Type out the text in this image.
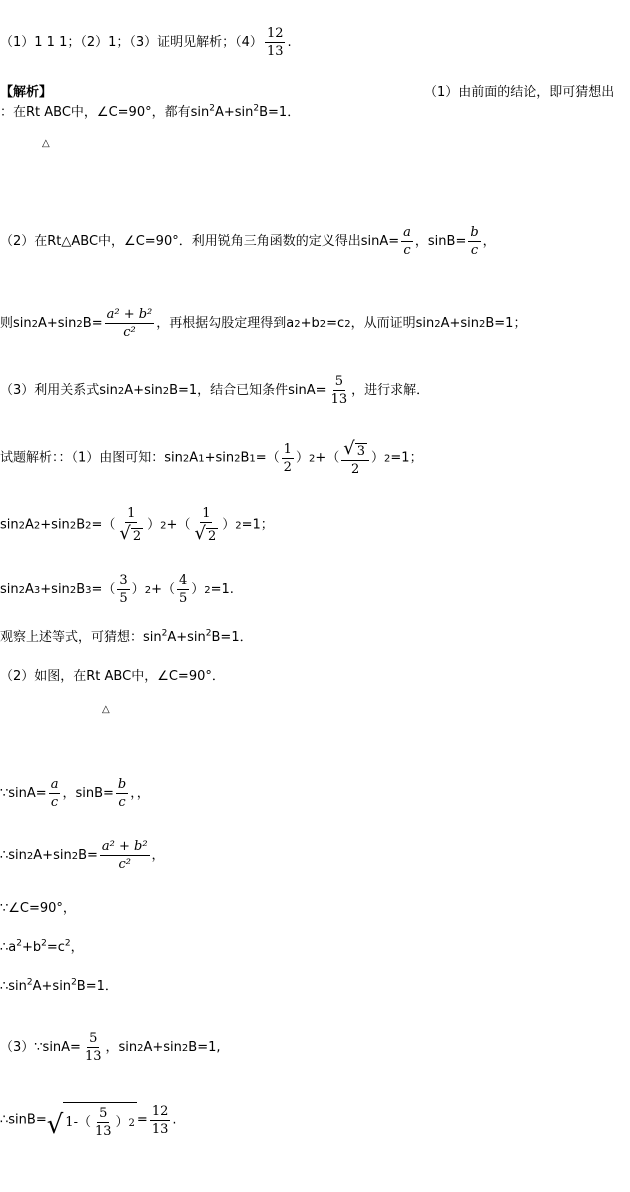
（1）1 1 1；（2）1；（3）证明见解析；$(4) \frac{12}{13}$ .
【解析】	（1）由前面的结论，即可猜想出
：在Rt ABC中，∠C=90°，都有$\sin^2A+\sin^2B=1$．
△
（2）在Rt△ABC中，∠C=90°．利用锐角三角函数的定义得出$\sin A= \frac{a}{c}$ ，$\sin B= \frac{b}{c}$ ，
则$\sin 2A+\sin 2B= \frac{\text{a² + b²}}{\text{c²}}$ ，再根据勾股定理得到a2+b2=c2，从而证明sin2A+sin2B=1；
（3）利用关系式sin2A+sin2B=1，结合已知条件$\sin A= \frac{5}{13}$ ，进行求解．
试题解析：：（1）由图可知：$\sin 2A1+\sin 2B1=( \frac{1}{2} )2+( \frac{√ 3}{2} )2=1$；
$\sin 2A2+\sin 2B2=( \frac{1}{√ 2} )2+( \frac{1}{√ 2} )2=1$；
$\sin 2A3+\sin 2B3=( \frac{3}{5} )2+( \frac{4}{5} )2=1$.
观察上述等式，可猜想：$\sin^2A+\sin^2B=1$．
（2）如图，在Rt ABC中，∠C=90°．
△
∵sinA= $\frac{a}{c}$ ，$\sin B= \frac{b}{c}$ ，，
∴sin2A+sin2B= $\frac{\text{a² + b²}}{\text{c²}}$ ，
∵∠C=90°，
$\therefore a^2+b^2=c^2$，
$\therefore\sin^2A+\sin^2B=1$．
（3）∵sinA= $\frac{5}{13}$ ，sin2A+sin2B=1,
∴sinB= √ $1-( \frac{5}{13} )2 = \frac{12}{13}$ .
